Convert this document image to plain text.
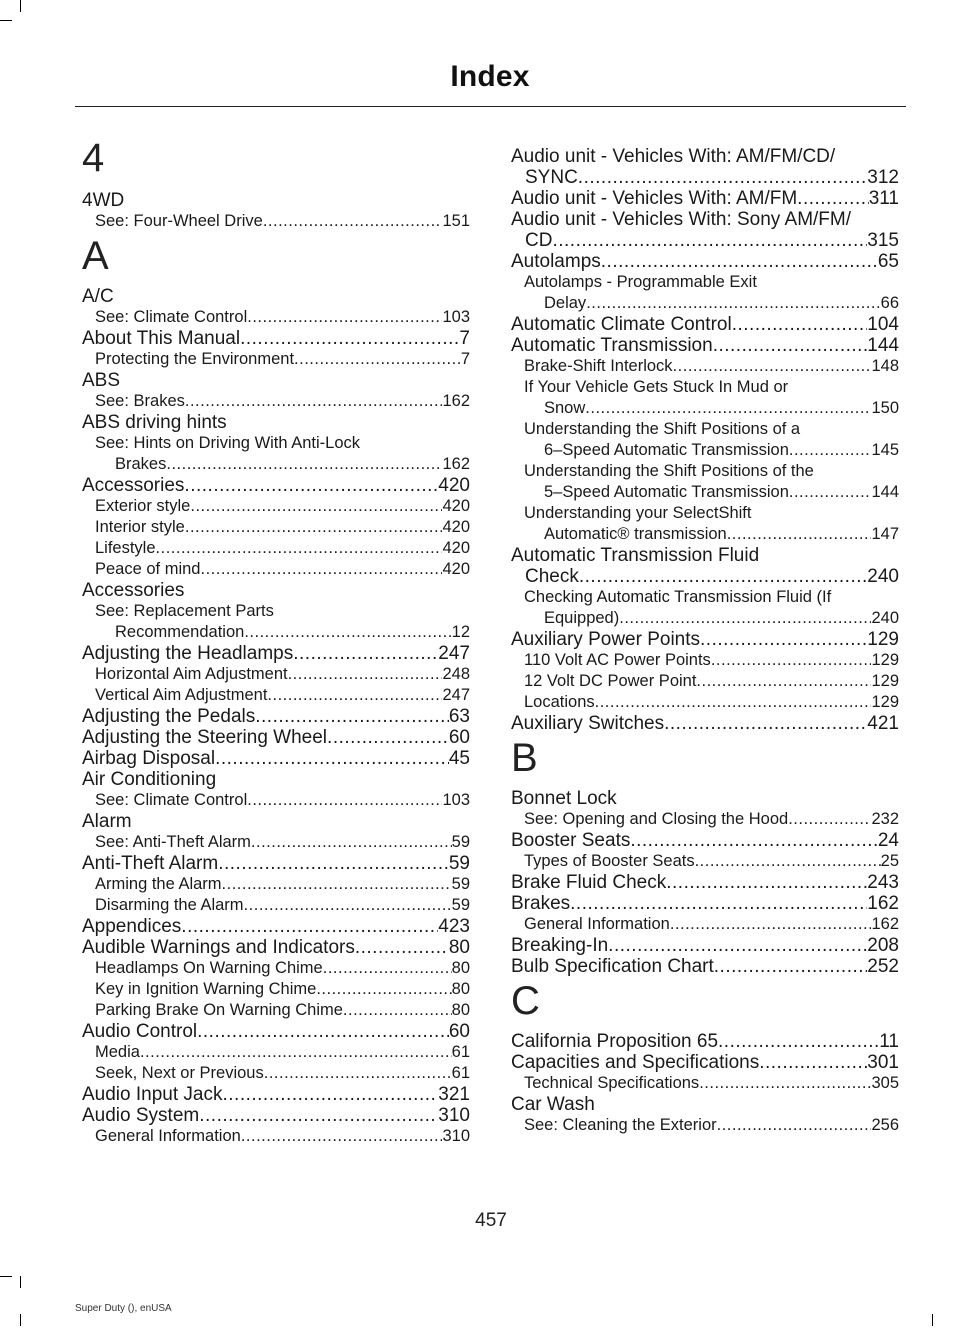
Index
4
4WD
See: Four-Wheel Drive .....	151
A
A/C
See: Climate Control .....	103
About This Manual .....	7
Protecting the Environment .....	7
ABS
See: Brakes .....	162
ABS driving hints
See: Hints on Driving With Anti-Lock
Brakes .....	162
Accessories .....	420
Exterior style .....	420
Interior style .....	420
Lifestyle .....	420
Peace of mind .....	420
Accessories
See: Replacement Parts
Recommendation .....	12
Adjusting the Headlamps .....	247
Horizontal Aim Adjustment .....	248
Vertical Aim Adjustment .....	247
Adjusting the Pedals .....	63
Adjusting the Steering Wheel .....	60
Airbag Disposal .....	45
Air Conditioning
See: Climate Control .....	103
Alarm
See: Anti-Theft Alarm .....	59
Anti-Theft Alarm .....	59
Arming the Alarm .....	59
Disarming the Alarm .....	59
Appendices .....	423
Audible Warnings and Indicators .....	80
Headlamps On Warning Chime .....	80
Key in Ignition Warning Chime .....	80
Parking Brake On Warning Chime .....	80
Audio Control .....	60
Media .....	61
Seek, Next or Previous .....	61
Audio Input Jack .....	321
Audio System .....	310
General Information .....	310
Audio unit - Vehicles With: AM/FM/CD/
SYNC .....	312
Audio unit - Vehicles With: AM/FM .....	311
Audio unit - Vehicles With: Sony AM/FM/
CD .....	315
Autolamps .....	65
Autolamps - Programmable Exit
Delay .....	66
Automatic Climate Control .....	104
Automatic Transmission .....	144
Brake-Shift Interlock .....	148
If Your Vehicle Gets Stuck In Mud or
Snow .....	150
Understanding the Shift Positions of a
6–Speed Automatic Transmission .....	145
Understanding the Shift Positions of the
5–Speed Automatic Transmission .....	144
Understanding your SelectShift
Automatic® transmission .....	147
Automatic Transmission Fluid
Check .....	240
Checking Automatic Transmission Fluid (If
Equipped) .....	240
Auxiliary Power Points .....	129
110 Volt AC Power Points .....	129
12 Volt DC Power Point .....	129
Locations .....	129
Auxiliary Switches .....	421
B
Bonnet Lock
See: Opening and Closing the Hood .....	232
Booster Seats .....	24
Types of Booster Seats .....	25
Brake Fluid Check .....	243
Brakes .....	162
General Information .....	162
Breaking-In .....	208
Bulb Specification Chart .....	252
C
California Proposition 65 .....	11
Capacities and Specifications .....	301
Technical Specifications .....	305
Car Wash
See: Cleaning the Exterior .....	256
457
Super Duty (), enUSA
